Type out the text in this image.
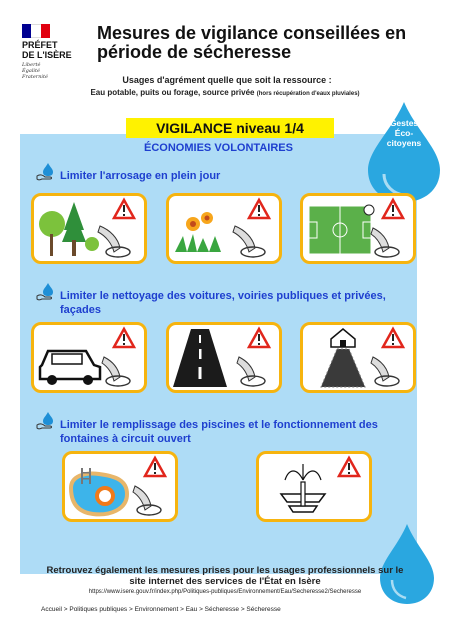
PRÉFET
DE L'ISÈRE
Liberté
Égalité
Fraternité
Mesures de vigilance conseillées en période de sécheresse
Usages d'agrément quelle que soit la ressource :
Eau potable, puits ou forage, source privée (hors récupération d'eaux pluviales)
VIGILANCE niveau 1/4
ÉCONOMIES VOLONTAIRES
Gestes
Éco-
citoyens
Limiter l'arrosage en plein jour
Limiter le nettoyage des voitures, voiries publiques et privées, façades
Limiter le remplissage des piscines et le fonctionnement des fontaines à circuit ouvert
Retrouvez également les mesures prises pour les usages professionnels sur le site internet des services de l'État en Isère
https://www.isere.gouv.fr/index.php/Politiques-publiques/Environnement/Eau/Secheresse2/Secheresse
Accueil > Politiques publiques > Environnement > Eau > Sécheresse > Sécheresse
